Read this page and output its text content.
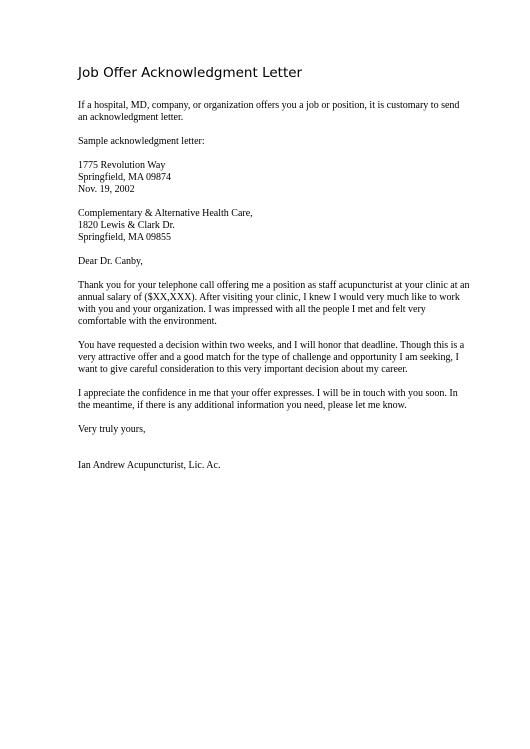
Job Offer Acknowledgment Letter

If a hospital, MD, company, or organization offers you a job or position, it is customary to send
an acknowledgment letter.

Sample acknowledgment letter:

1775 Revolution Way
Springfield, MA 09874
Nov. 19, 2002

Complementary & Alternative Health Care,
1820 Lewis & Clark Dr.
Springfield, MA 09855

Dear Dr. Canby,

Thank you for your telephone call offering me a position as staff acupuncturist at your clinic at an
annual salary of ($XX,XXX). After visiting your clinic, I knew I would very much like to work
with you and your organization. I was impressed with all the people I met and felt very
comfortable with the environment.

You have requested a decision within two weeks, and I will honor that deadline. Though this is a
very attractive offer and a good match for the type of challenge and opportunity I am seeking, I
want to give careful consideration to this very important decision about my career.

I appreciate the confidence in me that your offer expresses. I will be in touch with you soon. In
the meantime, if there is any additional information you need, please let me know.

Very truly yours,

Ian Andrew Acupuncturist, Lic. Ac.
